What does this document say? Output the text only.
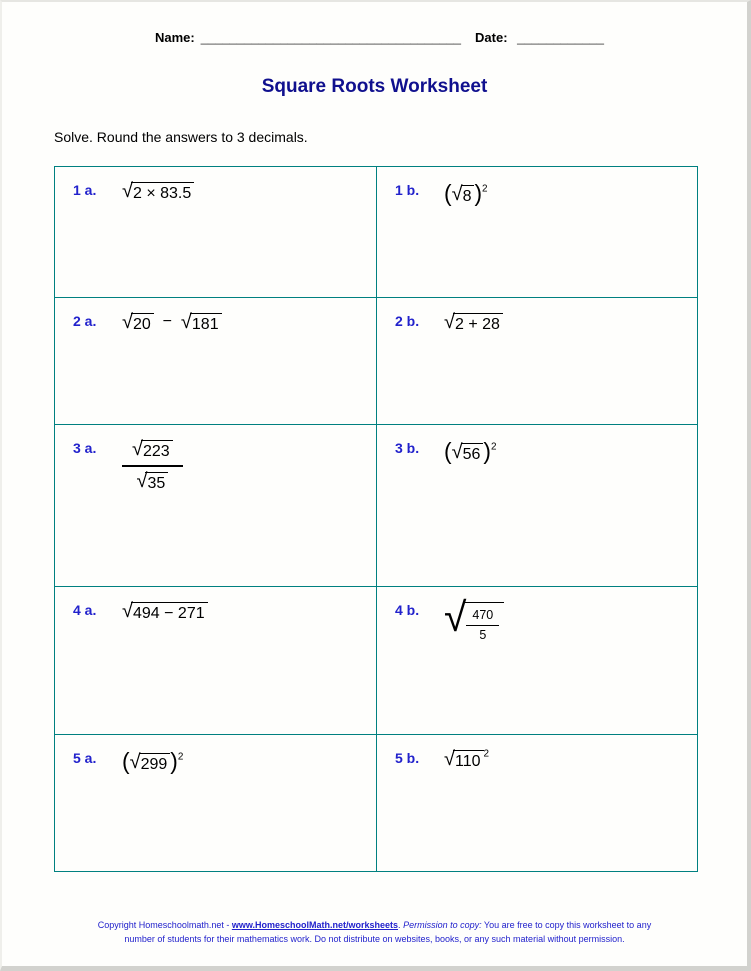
Name: ____________________________________ Date: ____________
Square Roots Worksheet
Solve. Round the answers to 3 decimals.
1 a. √2 × 83.5	1 b. (√8 )$^2$
2 a. √20  −  √181	2 b. √2 + 28
3 a. $\frac{√223}{√35}$	3 b. (√56 )$^2$
4 a. √494 − 271	4 b. √ $\frac{470}{5}$

5 a. (√299 )$^2$	5 b. √110 $^2$
Copyright Homeschoolmath.net - www.HomeschoolMath.net/worksheets. Permission to copy: You are free to copy this worksheet to any number of students for their mathematics work. Do not distribute on websites, books, or any such material without permission.
